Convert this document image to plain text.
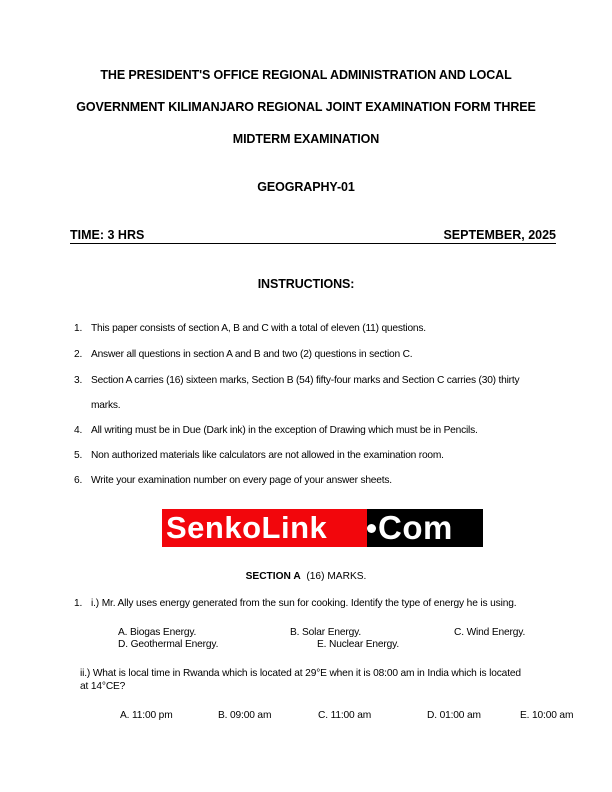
THE PRESIDENT'S OFFICE REGIONAL ADMINISTRATION AND LOCAL
GOVERNMENT KILIMANJARO REGIONAL JOINT EXAMINATION FORM THREE
MIDTERM EXAMINATION
GEOGRAPHY-01
TIME: 3 HRS	SEPTEMBER, 2025
INSTRUCTIONS:
1. This paper consists of section A, B and C with a total of eleven (11) questions.
2. Answer all questions in section A and B and two (2) questions in section C.
3. Section A carries (16) sixteen marks, Section B (54) fifty-four marks and Section C carries (30) thirty
marks.
4. All writing must be in Due (Dark ink) in the exception of Drawing which must be in Pencils.
5. Non authorized materials like calculators are not allowed in the examination room.
6. Write your examination number on every page of your answer sheets.
SenkoLink	Com
SECTION A (16) MARKS.
1. i.) Mr. Ally uses energy generated from the sun for cooking. Identify the type of energy he is using.
A. Biogas Energy.	B. Solar Energy.	C. Wind Energy.
D. Geothermal Energy.	E. Nuclear Energy.
ii.) What is local time in Rwanda which is located at 29°E when it is 08:00 am in India which is located
at 14°CE?
A. 11:00 pm	B. 09:00 am	C. 11:00 am	D. 01:00 am	E. 10:00 am
